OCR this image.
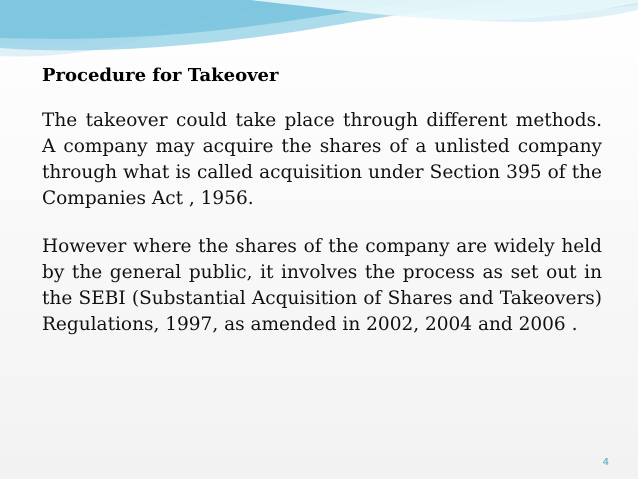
Procedure for Takeover

The takeover could take place through different methods. A company may acquire the shares of a unlisted company through what is called acquisition under Section 395 of the Companies Act , 1956.

However where the shares of the company are widely held by the general public, it involves the process as set out in the SEBI (Substantial Acquisition of Shares and Takeovers) Regulations, 1997, as amended in 2002, 2004 and 2006 .

4
